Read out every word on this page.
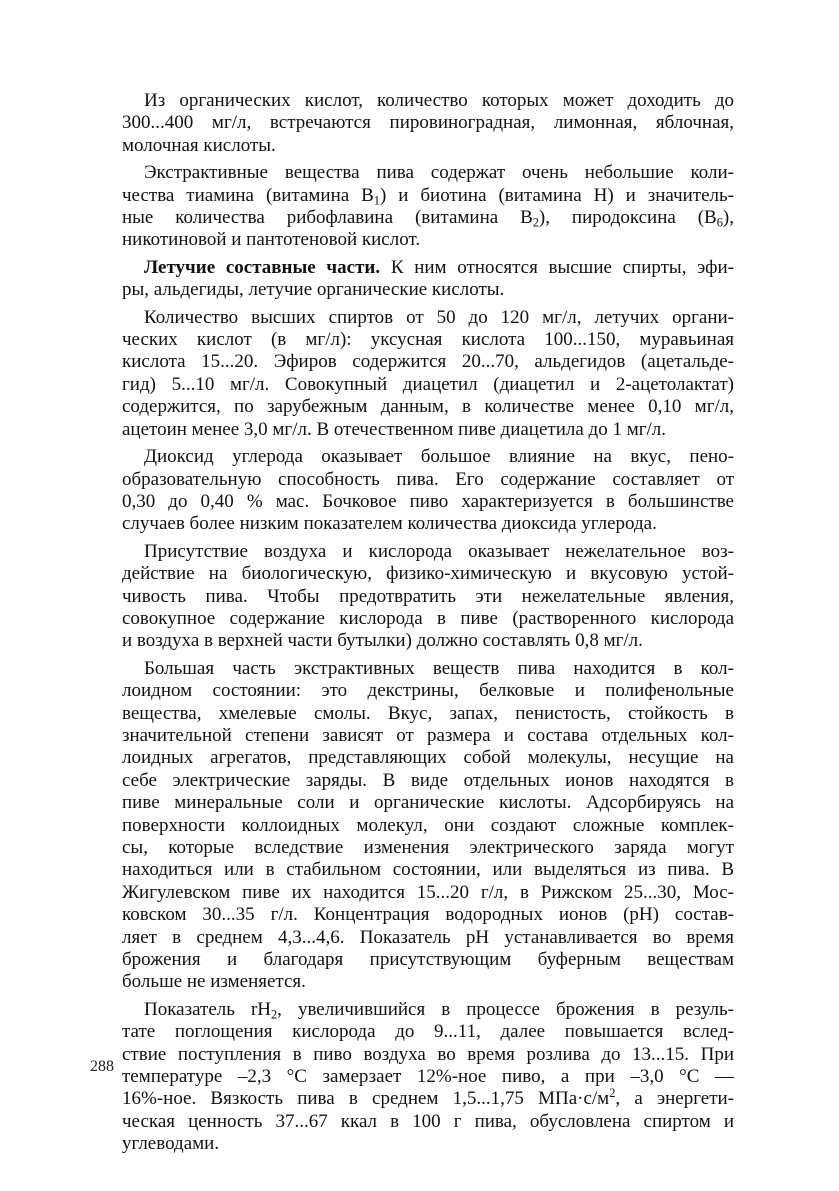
Из органических кислот, количество которых может доходить до
300...400 мг/л, встречаются пировиноградная, лимонная, яблочная,
молочная кислоты.

Экстрактивные вещества пива содержат очень небольшие коли-
чества тиамина (витамина $В_1$) и биотина (витамина Н) и значитель-
ные количества рибофлавина (витамина $В_2$), пиродоксина $(В_6)$,
никотиновой и пантотеновой кислот.

Летучие составные части. К ним относятся высшие спирты, эфи-
ры, альдегиды, летучие органические кислоты.

Количество высших спиртов от 50 до 120 мг/л, летучих органи-
ческих кислот (в мг/л): уксусная кислота 100...150, муравьиная
кислота 15...20. Эфиров содержится 20...70, альдегидов (ацетальде-
гид) 5...10 мг/л. Совокупный диацетил (диацетил и 2-ацетолактат)
содержится, по зарубежным данным, в количестве менее 0,10 мг/л,
ацетоин менее 3,0 мг/л. В отечественном пиве диацетила до 1 мг/л.

Диоксид углерода оказывает большое влияние на вкус, пено-
образовательную способность пива. Его содержание составляет от
0,30 до 0,40 % мас. Бочковое пиво характеризуется в большинстве
случаев более низким показателем количества диоксида углерода.

Присутствие воздуха и кислорода оказывает нежелательное воз-
действие на биологическую, физико-химическую и вкусовую устой-
чивость пива. Чтобы предотвратить эти нежелательные явления,
совокупное содержание кислорода в пиве (растворенного кислорода
и воздуха в верхней части бутылки) должно составлять 0,8 мг/л.

Большая часть экстрактивных веществ пива находится в кол-
лоидном состоянии: это декстрины, белковые и полифенольные
вещества, хмелевые смолы. Вкус, запах, пенистость, стойкость в
значительной степени зависят от размера и состава отдельных кол-
лоидных агрегатов, представляющих собой молекулы, несущие на
себе электрические заряды. В виде отдельных ионов находятся в
пиве минеральные соли и органические кислоты. Адсорбируясь на
поверхности коллоидных молекул, они создают сложные комплек-
сы, которые вследствие изменения электрического заряда могут
находиться или в стабильном состоянии, или выделяться из пива. В
Жигулевском пиве их находится 15...20 г/л, в Рижском 25...30, Мос-
ковском 30...35 г/л. Концентрация водородных ионов (рН) состав-
ляет в среднем 4,3...4,6. Показатель рН устанавливается во время
брожения и благодаря присутствующим буферным веществам
больше не изменяется.

Показатель $rH_2$, увеличившийся в процессе брожения в резуль-
тате поглощения кислорода до 9...11, далее повышается вслед-
ствие поступления в пиво воздуха во время розлива до 13...15. При
температуре –2,3 °С замерзает 12%-ное пиво, а при –3,0 °С —
16%-ное. Вязкость пива в среднем 1,5...1,75 $МПа\cdot с/м^2$, а энергети-
ческая ценность 37...67 ккал в 100 г пива, обусловлена спиртом и
углеводами.

288
